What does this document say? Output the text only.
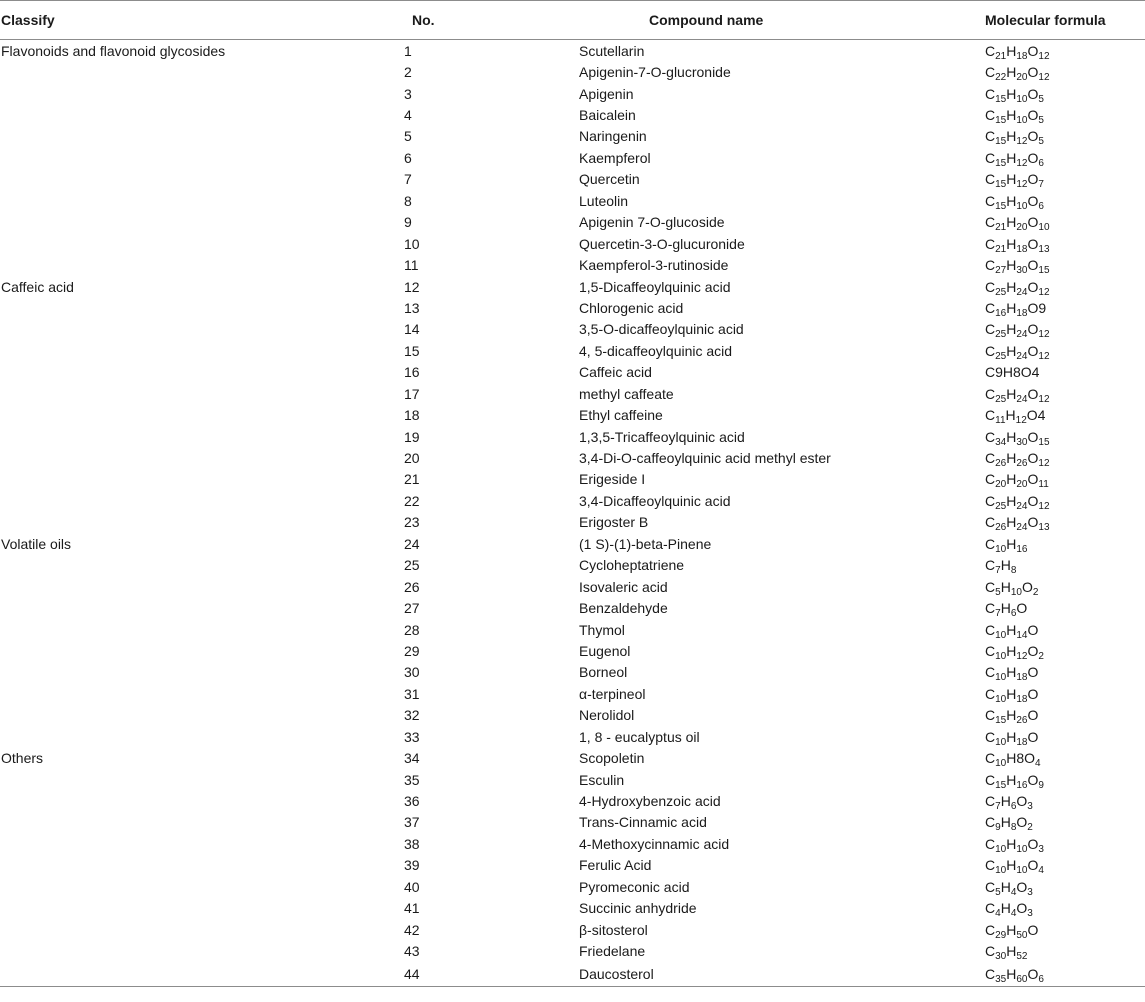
Classify	No.	Compound name	Molecular formula
Flavonoids and flavonoid glycosides	1	Scutellarin	$C_{21}H_{18}O_{12}$
	2	Apigenin-7-O-glucronide	$C_{22}H_{20}O_{12}$
	3	Apigenin	$C_{15}H_{10}O_5$
	4	Baicalein	$C_{15}H_{10}O_5$
	5	Naringenin	$C_{15}H_{12}O_5$
	6	Kaempferol	$C_{15}H_{12}O_6$
	7	Quercetin	$C_{15}H_{12}O_7$
	8	Luteolin	$C_{15}H_{10}O_6$
	9	Apigenin 7-O-glucoside	$C_{21}H_{20}O_{10}$
	10	Quercetin-3-O-glucuronide	$C_{21}H_{18}O_{13}$
	11	Kaempferol-3-rutinoside	$C_{27}H_{30}O_{15}$
Caffeic acid	12	1,5-Dicaffeoylquinic acid	$C_{25}H_{24}O_{12}$
	13	Chlorogenic acid	$C_{16}H_{18}O9$
	14	3,5-O-dicaffeoylquinic acid	$C_{25}H_{24}O_{12}$
	15	4, 5-dicaffeoylquinic acid	$C_{25}H_{24}O_{12}$
	16	Caffeic acid	C9H8O4
	17	methyl caffeate	$C_{25}H_{24}O_{12}$
	18	Ethyl caffeine	$C_{11}H_{12}O4$
	19	1,3,5-Tricaffeoylquinic acid	$C_{34}H_{30}O_{15}$
	20	3,4-Di-O-caffeoylquinic acid methyl ester	$C_{26}H_{26}O_{12}$
	21	Erigeside I	$C_{20}H_{20}O_{11}$
	22	3,4-Dicaffeoylquinic acid	$C_{25}H_{24}O_{12}$
	23	Erigoster B	$C_{26}H_{24}O_{13}$
Volatile oils	24	(1 S)-(1)-beta-Pinene	$C_{10}H_{16}$
	25	Cycloheptatriene	$C_7H_8$
	26	Isovaleric acid	$C_5H_{10}O_2$
	27	Benzaldehyde	$C_7H_6O$
	28	Thymol	$C_{10}H_{14}O$
	29	Eugenol	$C_{10}H_{12}O_2$
	30	Borneol	$C_{10}H_{18}O$
	31	α-terpineol	$C_{10}H_{18}O$
	32	Nerolidol	$C_{15}H_{26}O$
	33	1, 8 - eucalyptus oil	$C_{10}H_{18}O$
Others	34	Scopoletin	$C_{10}H8O_4$
	35	Esculin	$C_{15}H_{16}O_9$
	36	4-Hydroxybenzoic acid	$C_7H_6O_3$
	37	Trans-Cinnamic acid	$C_9H_8O_2$
	38	4-Methoxycinnamic acid	$C_{10}H_{10}O_3$
	39	Ferulic Acid	$C_{10}H_{10}O_4$
	40	Pyromeconic acid	$C_5H_4O_3$
	41	Succinic anhydride	$C_4H_4O_3$
	42	β-sitosterol	$C_{29}H_{50}O$
	43	Friedelane	$C_{30}H_{52}$
	44	Daucosterol	$C_{35}H_{60}O_6$
